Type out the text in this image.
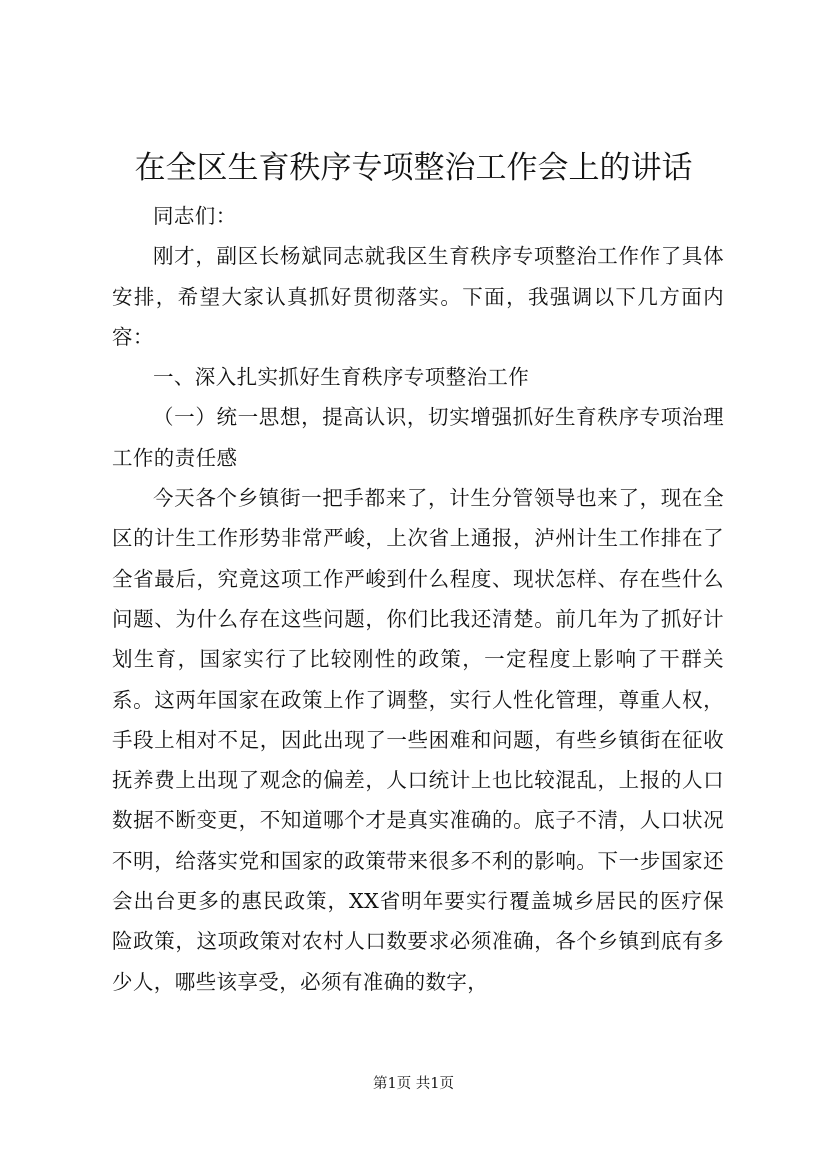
在全区生育秩序专项整治工作会上的讲话

同志们：

刚才，副区长杨斌同志就我区生育秩序专项整治工作作了具体安排，希望大家认真抓好贯彻落实。下面，我强调以下几方面内容：

一、深入扎实抓好生育秩序专项整治工作

（一）统一思想，提高认识，切实增强抓好生育秩序专项治理工作的责任感

今天各个乡镇街一把手都来了，计生分管领导也来了，现在全区的计生工作形势非常严峻，上次省上通报，泸州计生工作排在了全省最后，究竟这项工作严峻到什么程度、现状怎样、存在些什么问题、为什么存在这些问题，你们比我还清楚。前几年为了抓好计划生育，国家实行了比较刚性的政策，一定程度上影响了干群关系。这两年国家在政策上作了调整，实行人性化管理，尊重人权，手段上相对不足，因此出现了一些困难和问题，有些乡镇街在征收抚养费上出现了观念的偏差，人口统计上也比较混乱，上报的人口数据不断变更，不知道哪个才是真实准确的。底子不清，人口状况不明，给落实党和国家的政策带来很多不利的影响。下一步国家还会出台更多的惠民政策，XX省明年要实行覆盖城乡居民的医疗保险政策，这项政策对农村人口数要求必须准确，各个乡镇到底有多少人，哪些该享受，必须有准确的数字，

第1页 共1页
